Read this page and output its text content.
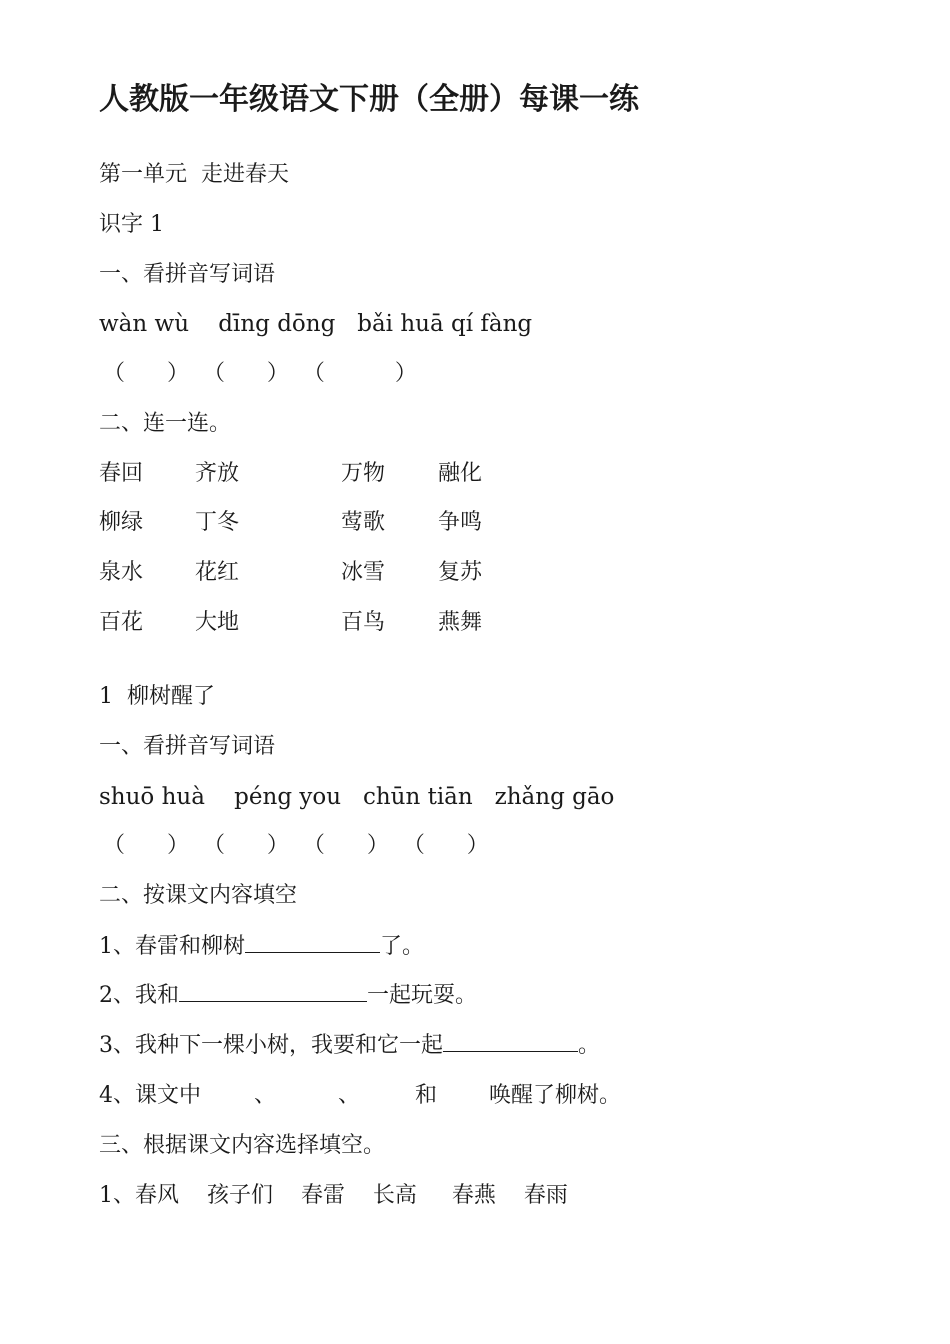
人教版一年级语文下册（全册）每课一练
第一单元  走进春天
识字 1
一、看拼音写词语
wàn wù    dīng dōng   bǎi huā qí fàng
（      ）  （      ）  （          ）
二、连一连。
春回 齐放	万物 融化
柳绿 丁冬	莺歌 争鸣
泉水 花红	冰雪 复苏
百花 大地	百鸟 燕舞
1  柳树醒了
一、看拼音写词语
shuō huà    péng you   chūn tiān   zhǎng gāo
（      ）  （      ）  （      ）  （      ）
二、按课文内容填空
1、春雷和柳树	了。
2、我和	一起玩耍。
3、我种下一棵小树，我要和它一起	。
4、课文中 、	、 和 唤醒了柳树。
三、根据课文内容选择填空。
1、春风    孩子们    春雷    长高     春燕    春雨
